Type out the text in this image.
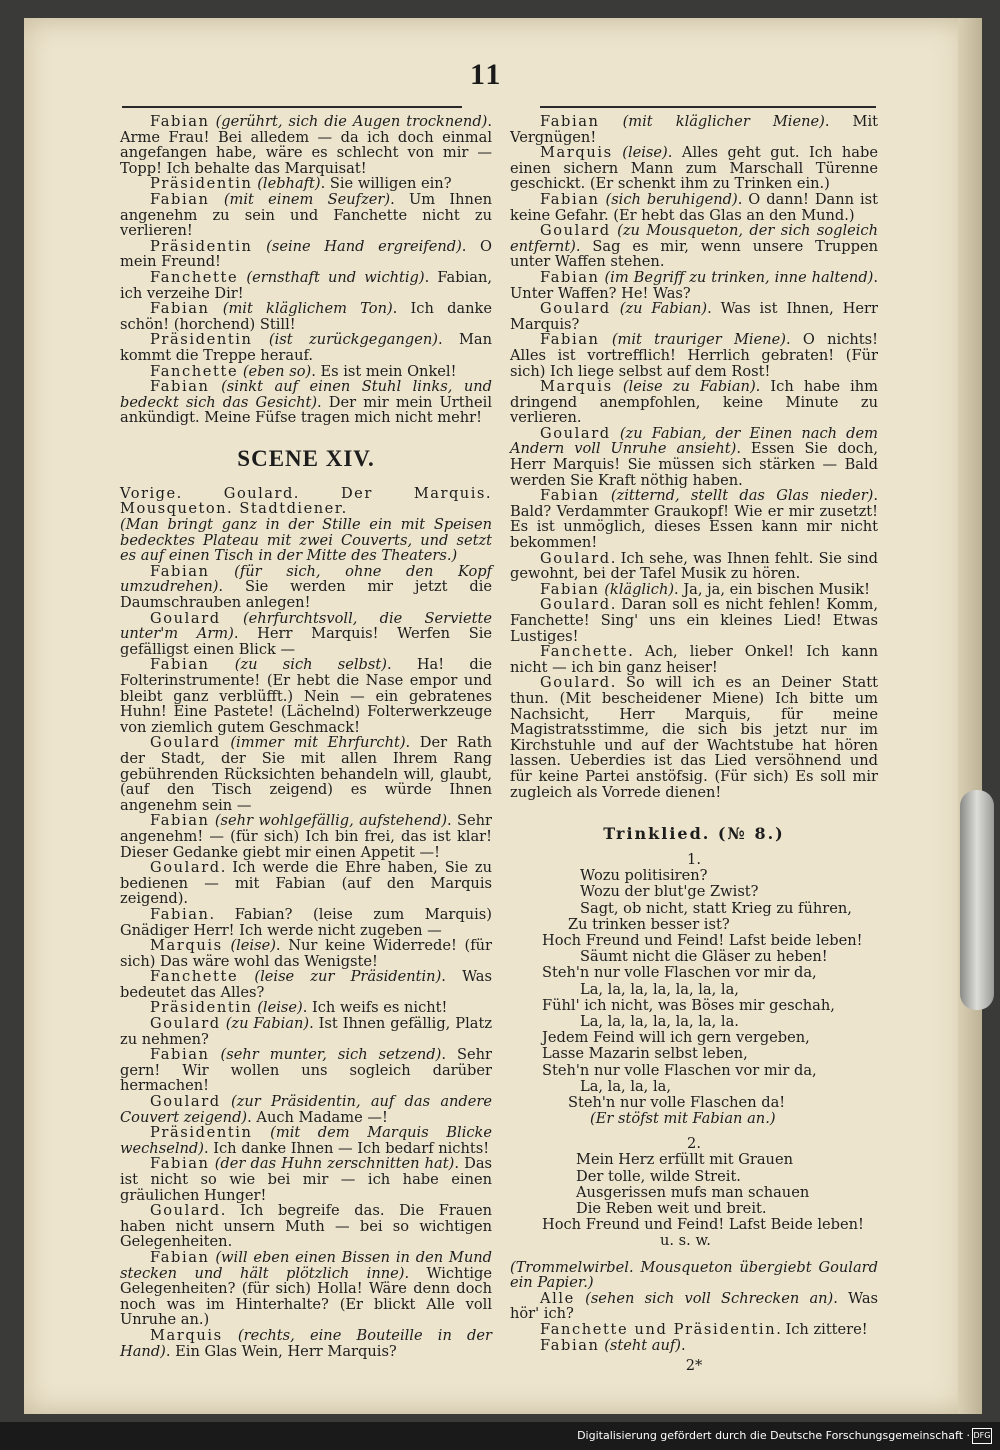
11

Fabian (gerührt, sich die Augen trocknend). Arme Frau! Bei alledem — da ich doch einmal angefangen habe, wäre es schlecht von mir — Topp! Ich behalte das Marquisat!

Präsidentin (lebhaft). Sie willigen ein?

Fabian (mit einem Seufzer). Um Ihnen angenehm zu sein und Fanchette nicht zu verlieren!

Präsidentin (seine Hand ergreifend). O mein Freund!

Fanchette (ernsthaft und wichtig). Fabian, ich verzeihe Dir!

Fabian (mit kläglichem Ton). Ich danke schön! (horchend) Still!

Präsidentin (ist zurückgegangen). Man kommt die Treppe herauf.

Fanchette (eben so). Es ist mein Onkel!

Fabian (sinkt auf einen Stuhl links, und bedeckt sich das Gesicht). Der mir mein Urtheil ankündigt. Meine Füfse tragen mich nicht mehr!

SCENE XIV.

Vorige. Goulard. Der Marquis. Mousqueton. Stadtdiener.

(Man bringt ganz in der Stille ein mit Speisen bedecktes Plateau mit zwei Couverts, und setzt es auf einen Tisch in der Mitte des Theaters.)

Fabian (für sich, ohne den Kopf umzudrehen). Sie werden mir jetzt die Daumschrauben anlegen!

Goulard (ehrfurchtsvoll, die Serviette unter'm Arm). Herr Marquis! Werfen Sie gefälligst einen Blick —

Fabian (zu sich selbst). Ha! die Folterinstrumente! (Er hebt die Nase empor und bleibt ganz verblüfft.) Nein — ein gebratenes Huhn! Eine Pastete! (Lächelnd) Folterwerkzeuge von ziemlich gutem Geschmack!

Goulard (immer mit Ehrfurcht). Der Rath der Stadt, der Sie mit allen Ihrem Rang gebührenden Rücksichten behandeln will, glaubt, (auf den Tisch zeigend) es würde Ihnen angenehm sein —

Fabian (sehr wohlgefällig, aufstehend). Sehr angenehm! — (für sich) Ich bin frei, das ist klar! Dieser Gedanke giebt mir einen Appetit —!

Goulard. Ich werde die Ehre haben, Sie zu bedienen — mit Fabian (auf den Marquis zeigend).

Fabian. Fabian? (leise zum Marquis) Gnädiger Herr! Ich werde nicht zugeben —

Marquis (leise). Nur keine Widerrede! (für sich) Das wäre wohl das Wenigste!

Fanchette (leise zur Präsidentin). Was bedeutet das Alles?

Präsidentin (leise). Ich weifs es nicht!

Goulard (zu Fabian). Ist Ihnen gefällig, Platz zu nehmen?

Fabian (sehr munter, sich setzend). Sehr gern! Wir wollen uns sogleich darüber hermachen!

Goulard (zur Präsidentin, auf das andere Couvert zeigend). Auch Madame —!

Präsidentin (mit dem Marquis Blicke wechselnd). Ich danke Ihnen — Ich bedarf nichts!

Fabian (der das Huhn zerschnitten hat). Das ist nicht so wie bei mir — ich habe einen gräulichen Hunger!

Goulard. Ich begreife das. Die Frauen haben nicht unsern Muth — bei so wichtigen Gelegenheiten.

Fabian (will eben einen Bissen in den Mund stecken und hält plötzlich inne). Wichtige Gelegenheiten? (für sich) Holla! Wäre denn doch noch was im Hinterhalte? (Er blickt Alle voll Unruhe an.)

Marquis (rechts, eine Bouteille in der Hand). Ein Glas Wein, Herr Marquis?

Fabian (mit kläglicher Miene). Mit Vergnügen!

Marquis (leise). Alles geht gut. Ich habe einen sichern Mann zum Marschall Türenne geschickt. (Er schenkt ihm zu Trinken ein.)

Fabian (sich beruhigend). O dann! Dann ist keine Gefahr. (Er hebt das Glas an den Mund.)

Goulard (zu Mousqueton, der sich sogleich entfernt). Sag es mir, wenn unsere Truppen unter Waffen stehen.

Fabian (im Begriff zu trinken, inne haltend). Unter Waffen? He! Was?

Goulard (zu Fabian). Was ist Ihnen, Herr Marquis?

Fabian (mit trauriger Miene). O nichts! Alles ist vortrefflich! Herrlich gebraten! (Für sich) Ich liege selbst auf dem Rost!

Marquis (leise zu Fabian). Ich habe ihm dringend anempfohlen, keine Minute zu verlieren.

Goulard (zu Fabian, der Einen nach dem Andern voll Unruhe ansieht). Essen Sie doch, Herr Marquis! Sie müssen sich stärken — Bald werden Sie Kraft nöthig haben.

Fabian (zitternd, stellt das Glas nieder). Bald? Verdammter Graukopf! Wie er mir zusetzt! Es ist unmöglich, dieses Essen kann mir nicht bekommen!

Goulard. Ich sehe, was Ihnen fehlt. Sie sind gewohnt, bei der Tafel Musik zu hören.

Fabian (kläglich). Ja, ja, ein bischen Musik!

Goulard. Daran soll es nicht fehlen! Komm, Fanchette! Sing' uns ein kleines Lied! Etwas Lustiges!

Fanchette. Ach, lieber Onkel! Ich kann nicht — ich bin ganz heiser!

Goulard. So will ich es an Deiner Statt thun. (Mit bescheidener Miene) Ich bitte um Nachsicht, Herr Marquis, für meine Magistratsstimme, die sich bis jetzt nur im Kirchstuhle und auf der Wachtstube hat hören lassen. Ueberdies ist das Lied versöhnend und für keine Partei anstöfsig. (Für sich) Es soll mir zugleich als Vorrede dienen!

Trinklied. (№ 8.)
1.
Wozu politisiren?
Wozu der blut'ge Zwist?
Sagt, ob nicht, statt Krieg zu führen,
Zu trinken besser ist?
Hoch Freund und Feind! Lafst beide leben!
Säumt nicht die Gläser zu heben!
Steh'n nur volle Flaschen vor mir da,
La, la, la, la, la, la, la,
Fühl' ich nicht, was Böses mir geschah,
La, la, la, la, la, la, la.
Jedem Feind will ich gern vergeben,
Lasse Mazarin selbst leben,
Steh'n nur volle Flaschen vor mir da,
La, la, la, la,
Steh'n nur volle Flaschen da!
(Er stöfst mit Fabian an.)
2.
Mein Herz erfüllt mit Grauen
Der tolle, wilde Streit.
Ausgerissen mufs man schauen
Die Reben weit und breit.
Hoch Freund und Feind! Lafst Beide leben!
u. s. w.

(Trommelwirbel. Mousqueton übergiebt Goulard ein Papier.)

Alle (sehen sich voll Schrecken an). Was hör' ich?

Fanchette und Präsidentin. Ich zittere!

Fabian (steht auf).

2*
Digitalisierung gefördert durch die Deutsche Forschungsgemeinschaft · DFG
